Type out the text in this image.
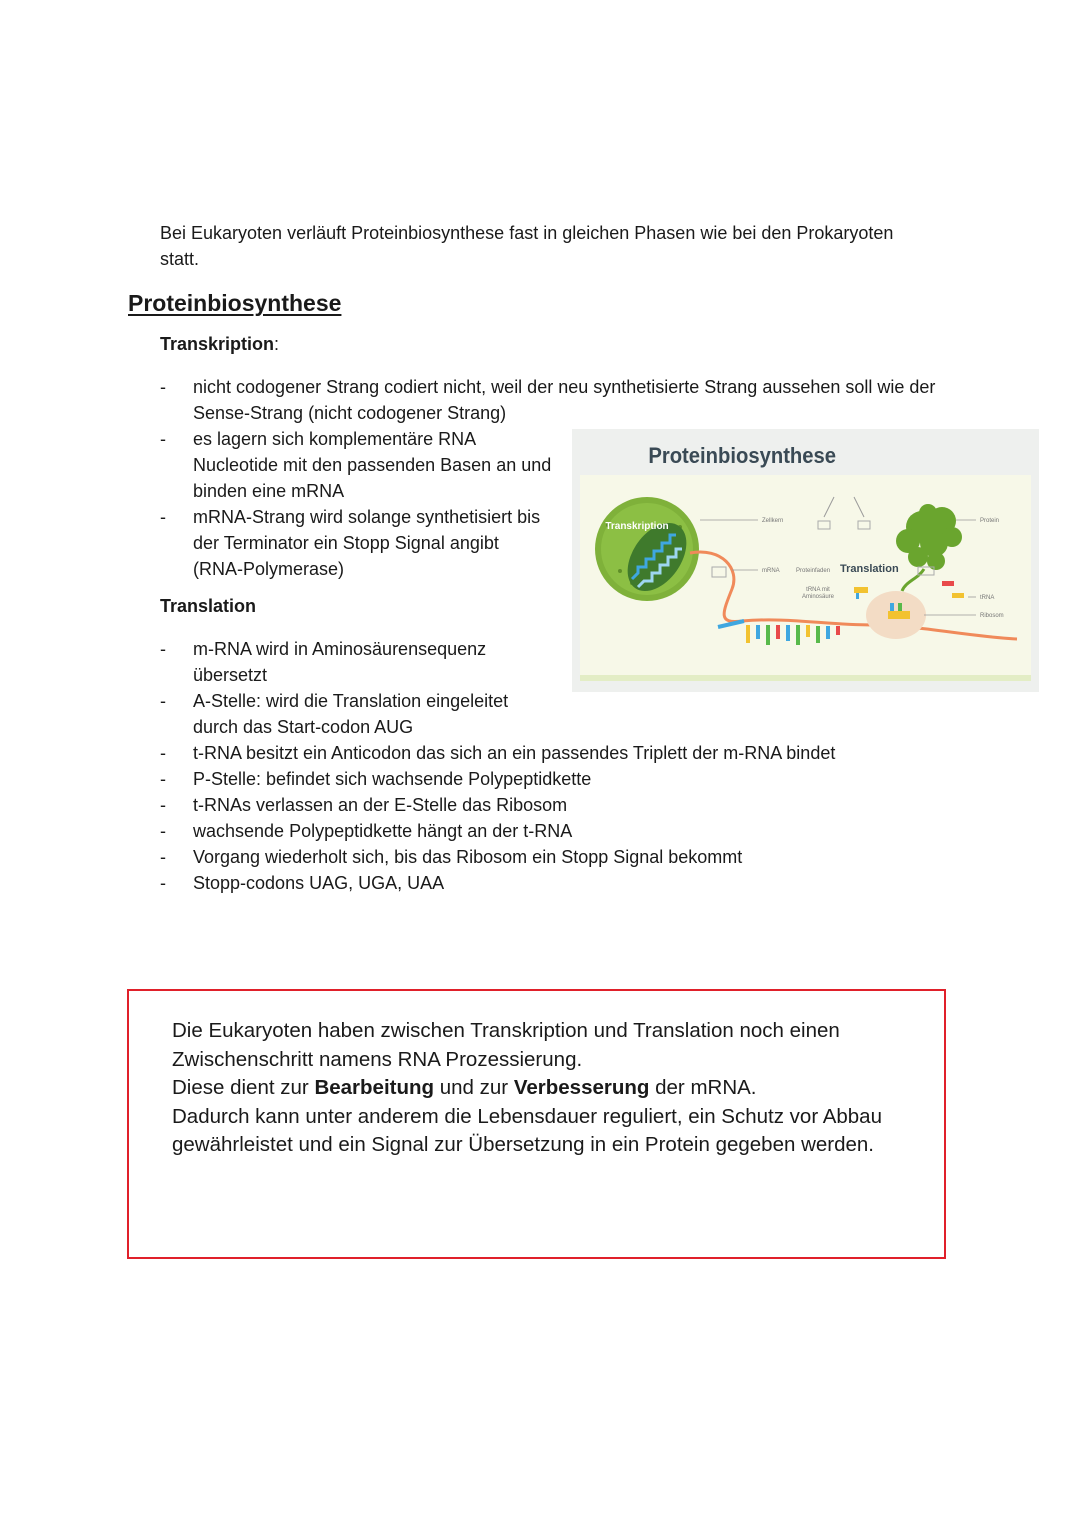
Bei Eukaryoten verläuft Proteinbiosynthese fast in gleichen Phasen wie bei den Prokaryoten
statt.
Proteinbiosynthese
Transkription:
- nicht codogener Strang codiert nicht, weil der neu synthetisierte Strang aussehen soll wie der
Sense-Strang (nicht codogener Strang)
- es lagern sich komplementäre RNA
Nucleotide mit den passenden Basen an und
binden eine mRNA
- mRNA-Strang wird solange synthetisiert bis
der Terminator ein Stopp Signal angibt
(RNA-Polymerase)
Translation
- m-RNA wird in Aminosäurensequenz
übersetzt
- A-Stelle: wird die Translation eingeleitet
durch das Start-codon AUG
- t-RNA besitzt ein Anticodon das sich an ein passendes Triplett der m-RNA bindet
- P-Stelle: befindet sich wachsende Polypeptidkette
- t-RNAs verlassen an der E-Stelle das Ribosom
- wachsende Polypeptidkette hängt an der t-RNA
- Vorgang wiederholt sich, bis das Ribosom ein Stopp Signal bekommt
- Stopp-codons UAG, UGA, UAA
Proteinbiosynthese
Transkription	Zellkern
mRNA	Proteinfaden
tRNA mit
Aminosäure
Protein
tRNA
Ribosom
Translation
Die Eukaryoten haben zwischen Transkription und Translation noch einen
Zwischenschritt namens RNA Prozessierung.
Diese dient zur Bearbeitung und zur Verbesserung der mRNA.
Dadurch kann unter anderem die Lebensdauer reguliert, ein Schutz vor Abbau
gewährleistet und ein Signal zur Übersetzung in ein Protein gegeben werden.
